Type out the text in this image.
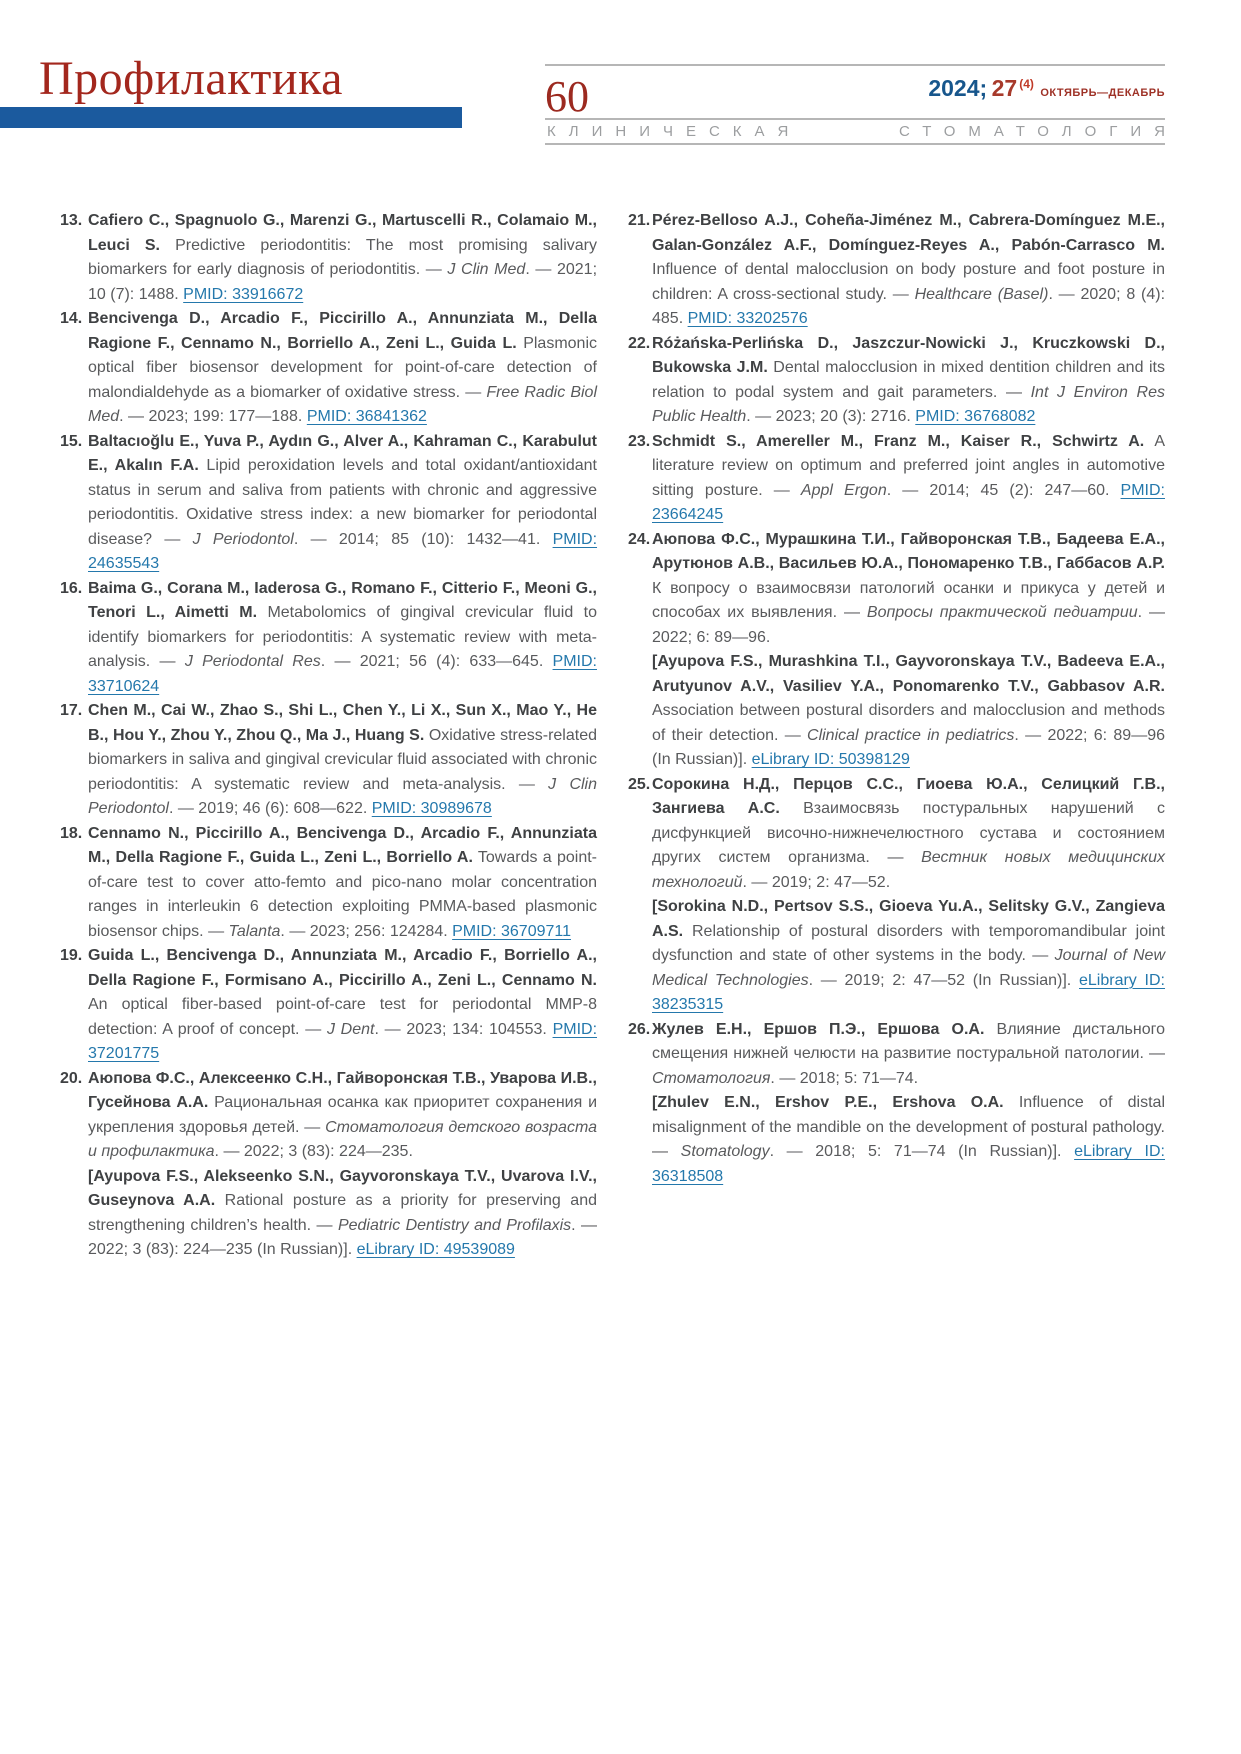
Профилактика	60	2024; 27 $^{(4)}$ ОКТЯБРЬ—ДЕКАБРЬ
КЛИНИЧЕСКАЯ	СТОМАТОЛОГИЯ
13. Cafiero C., Spagnuolo G., Marenzi G., Martuscelli R., Colamaio M., Leuci S. Predictive periodontitis: The most promising salivary biomarkers for early diagnosis of periodontitis. — J Clin Med. — 2021; 10 (7): 1488. PMID: 33916672

14. Bencivenga D., Arcadio F., Piccirillo A., Annunziata M., Della Ragione F., Cennamo N., Borriello A., Zeni L., Guida L. Plasmonic optical fiber biosensor development for point-of-care detection of malondialdehyde as a biomarker of oxidative stress. — Free Radic Biol Med. — 2023; 199: 177—188. PMID: 36841362

15. Baltacıoğlu E., Yuva P., Aydın G., Alver A., Kahraman C., Karabulut E., Akalın F.A. Lipid peroxidation levels and total oxidant/antioxidant status in serum and saliva from patients with chronic and aggressive periodontitis. Oxidative stress index: a new biomarker for periodontal disease? — J Periodontol. — 2014; 85 (10): 1432—41. PMID: 24635543

16. Baima G., Corana M., Iaderosa G., Romano F., Citterio F., Meoni G., Tenori L., Aimetti M. Metabolomics of gingival crevicular fluid to identify biomarkers for periodontitis: A systematic review with meta-analysis. — J Periodontal Res. — 2021; 56 (4): 633—645. PMID: 33710624

17. Chen M., Cai W., Zhao S., Shi L., Chen Y., Li X., Sun X., Mao Y., He B., Hou Y., Zhou Y., Zhou Q., Ma J., Huang S. Oxidative stress-related biomarkers in saliva and gingival crevicular fluid associated with chronic periodontitis: A systematic review and meta-analysis. — J Clin Periodontol. — 2019; 46 (6): 608—622. PMID: 30989678

18. Cennamo N., Piccirillo A., Bencivenga D., Arcadio F., Annunziata M., Della Ragione F., Guida L., Zeni L., Borriello A. Towards a point-of-care test to cover atto-femto and pico-nano molar concentration ranges in interleukin 6 detection exploiting PMMA-based plasmonic biosensor chips. — Talanta. — 2023; 256: 124284. PMID: 36709711

19. Guida L., Bencivenga D., Annunziata M., Arcadio F., Borriello A., Della Ragione F., Formisano A., Piccirillo A., Zeni L., Cennamo N. An optical fiber-based point-of-care test for periodontal MMP-8 detection: A proof of concept. — J Dent. — 2023; 134: 104553. PMID: 37201775

20. Аюпова Ф.С., Алексеенко С.Н., Гайворонская Т.В., Уварова И.В., Гусейнова А.А. Рациональная осанка как приоритет сохранения и укрепления здоровья детей. — Стоматология детского возраста и профилактика. — 2022; 3 (83): 224—235.

[Ayupova F.S., Alekseenko S.N., Gayvoronskaya T.V., Uvarova I.V., Guseynova A.A. Rational posture as a priority for preserving and strengthening children’s health. — Pediatric Dentistry and Profilaxis. — 2022; 3 (83): 224—235 (In Russian)]. eLibrary ID: 49539089

21. Pérez-Belloso A.J., Coheña-Jiménez M., Cabrera-Domínguez M.E., Galan-González A.F., Domínguez-Reyes A., Pabón-Carrasco M. Influence of dental malocclusion on body posture and foot posture in children: A cross-sectional study. — Healthcare (Basel). — 2020; 8 (4): 485. PMID: 33202576

22. Różańska-Perlińska D., Jaszczur-Nowicki J., Kruczkowski D., Bukowska J.M. Dental malocclusion in mixed dentition children and its relation to podal system and gait parameters. — Int J Environ Res Public Health. — 2023; 20 (3): 2716. PMID: 36768082

23. Schmidt S., Amereller M., Franz M., Kaiser R., Schwirtz A. A literature review on optimum and preferred joint angles in automotive sitting posture. — Appl Ergon. — 2014; 45 (2): 247—60. PMID: 23664245

24. Аюпова Ф.С., Мурашкина Т.И., Гайворонская Т.В., Бадеева Е.А., Арутюнов А.В., Васильев Ю.А., Пономаренко Т.В., Габбасов А.Р. К вопросу о взаимосвязи патологий осанки и прикуса у детей и способах их выявления. — Вопросы практической педиатрии. — 2022; 6: 89—96.

[Ayupova F.S., Murashkina T.I., Gayvoronskaya T.V., Badeeva E.A., Arutyunov A.V., Vasiliev Y.A., Ponomarenko T.V., Gabbasov A.R. Association between postural disorders and malocclusion and methods of their detection. — Clinical practice in pediatrics. — 2022; 6: 89—96 (In Russian)]. eLibrary ID: 50398129

25. Сорокина Н.Д., Перцов С.С., Гиоева Ю.А., Селицкий Г.В., Зангиева А.С. Взаимосвязь постуральных нарушений с дисфункцией височно-нижнечелюстного сустава и состоянием других систем организма. — Вестник новых медицинских технологий. — 2019; 2: 47—52.

[Sorokina N.D., Pertsov S.S., Gioeva Yu.A., Selitsky G.V., Zangieva A.S. Relationship of postural disorders with temporomandibular joint dysfunction and state of other systems in the body. — Journal of New Medical Technologies. — 2019; 2: 47—52 (In Russian)]. eLibrary ID: 38235315

26. Жулев Е.Н., Ершов П.Э., Ершова О.А. Влияние дистального смещения нижней челюсти на развитие постуральной патологии. — Стоматология. — 2018; 5: 71—74.

[Zhulev E.N., Ershov P.E., Ershova O.A. Influence of distal misalignment of the mandible on the development of postural pathology. — Stomatology. — 2018; 5: 71—74 (In Russian)]. eLibrary ID: 36318508
